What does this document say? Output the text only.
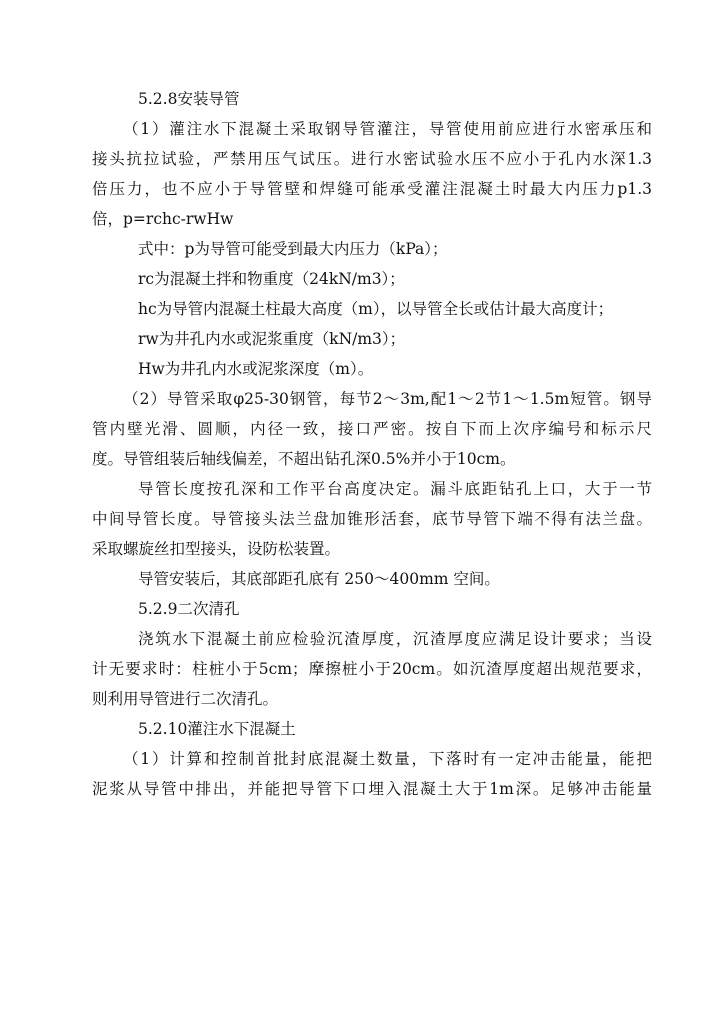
5.2.8安装导管
（1）灌注水下混凝土采取钢导管灌注，导管使用前应进行水密承压和
接头抗拉试验，严禁用压气试压。进行水密试验水压不应小于孔内水深1.3
倍压力，也不应小于导管壁和焊缝可能承受灌注混凝土时最大内压力p1.3
倍，p=rchc-rwHw
式中：p为导管可能受到最大内压力（kPa）；
rc为混凝土拌和物重度（24kN/m3）；
hc为导管内混凝土柱最大高度（m），以导管全长或估计最大高度计；
rw为井孔内水或泥浆重度（kN/m3）；
Hw为井孔内水或泥浆深度（m）。
（2）导管采取φ25-30钢管，每节2～3m,配1～2节1～1.5m短管。钢导
管内壁光滑、圆顺，内径一致，接口严密。按自下而上次序编号和标示尺
度。导管组装后轴线偏差，不超出钻孔深0.5%并小于10cm。
导管长度按孔深和工作平台高度决定。漏斗底距钻孔上口，大于一节
中间导管长度。导管接头法兰盘加锥形活套，底节导管下端不得有法兰盘。
采取螺旋丝扣型接头，设防松装置。
导管安装后，其底部距孔底有 250～400mm 空间。
5.2.9二次清孔
浇筑水下混凝土前应检验沉渣厚度，沉渣厚度应满足设计要求；当设
计无要求时：柱桩小于5cm；摩擦桩小于20cm。如沉渣厚度超出规范要求，
则利用导管进行二次清孔。
5.2.10灌注水下混凝土
（1）计算和控制首批封底混凝土数量，下落时有一定冲击能量，能把
泥浆从导管中排出，并能把导管下口埋入混凝土大于1m深。足够冲击能量
